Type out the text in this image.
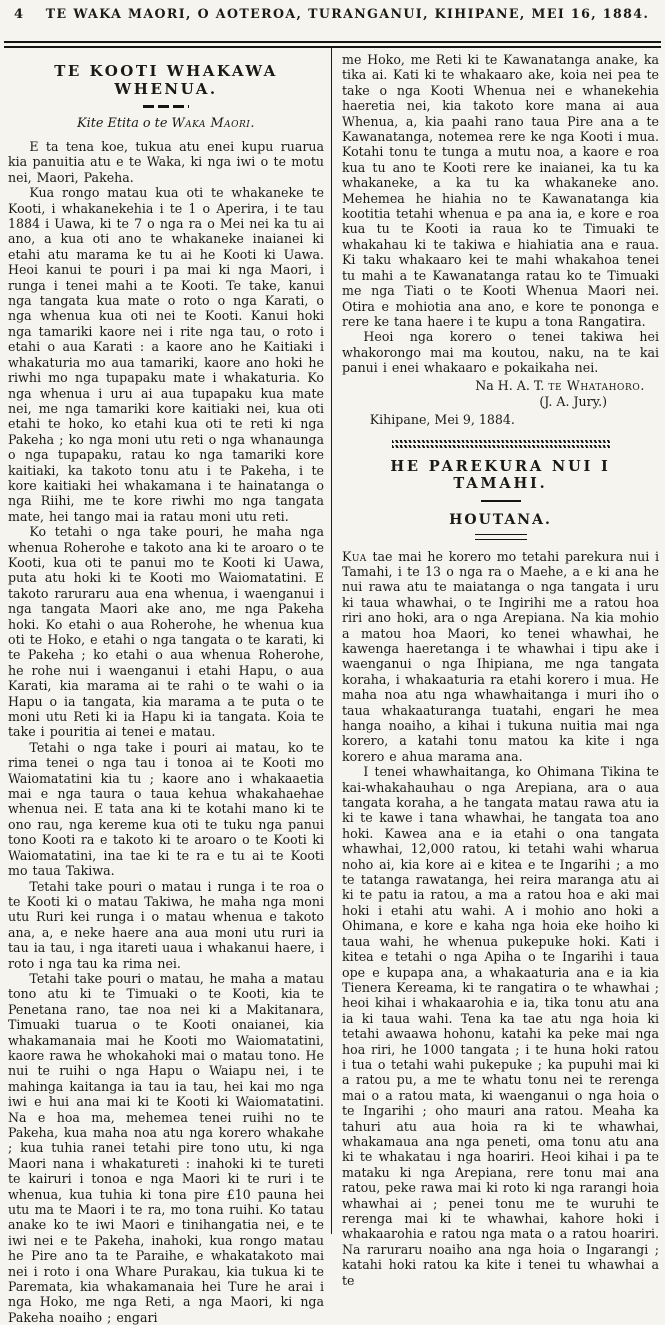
4	TE WAKA MAORI, O AOTEROA, TURANGANUI, KIHIPANE, MEI 16, 1884.
TE KOOTI WHAKAWA WHENUA.

Kite Etita o te Waka Maori.

E ta tena koe, tukua atu enei kupu ruarua kia panuitia atu e te Waka, ki nga iwi o te motu nei, Maori, Pakeha.

Kua rongo matau kua oti te whakaneke te Kooti, i whakanekehia i te 1 o Aperira, i te tau 1884 i Uawa, ki te 7 o nga ra o Mei nei ka tu ai ano, a kua oti ano te whakaneke inaianei ki etahi atu marama ke tu ai he Kooti ki Uawa. Heoi kanui te pouri i pa mai ki nga Maori, i runga i tenei mahi a te Kooti. Te take, kanui nga tangata kua mate o roto o nga Karati, o nga whenua kua oti nei te Kooti. Kanui hoki nga tamariki kaore nei i rite nga tau, o roto i etahi o aua Karati : a kaore ano he Kaitiaki i whakaturia mo aua tamariki, kaore ano hoki he riwhi mo nga tupapaku mate i whakaturia. Ko nga whenua i uru ai aua tupapaku kua mate nei, me nga tamariki kore kaitiaki nei, kua oti etahi te hoko, ko etahi kua oti te reti ki nga Pakeha ; ko nga moni utu reti o nga whanaunga o nga tupapaku, ratau ko nga tamariki kore kaitiaki, ka takoto tonu atu i te Pakeha, i te kore kaitiaki hei whakamana i te hainatanga o nga Riihi, me te kore riwhi mo nga tangata mate, hei tango mai ia ratau moni utu reti.

Ko tetahi o nga take pouri, he maha nga whenua Roherohe e takoto ana ki te aroaro o te Kooti, kua oti te panui mo te Kooti ki Uawa, puta atu hoki ki te Kooti mo Waiomatatini. E takoto raruraru aua ena whenua, i waenganui i nga tangata Maori ake ano, me nga Pakeha hoki. Ko etahi o aua Roherohe, he whenua kua oti te Hoko, e etahi o nga tangata o te karati, ki te Pakeha ; ko etahi o aua whenua Roherohe, he rohe nui i waenganui i etahi Hapu, o aua Karati, kia marama ai te rahi o te wahi o ia Hapu o ia tangata, kia marama a te puta o te moni utu Reti ki ia Hapu ki ia tangata. Koia te take i pouritia ai tenei e matau.

Tetahi o nga take i pouri ai matau, ko te rima tenei o nga tau i tonoa ai te Kooti mo Waiomatatini kia tu ; kaore ano i whakaaetia mai e nga taura o taua kehua whakahaehae whenua nei. E tata ana ki te kotahi mano ki te ono rau, nga kereme kua oti te tuku nga panui tono Kooti ra e takoto ki te aroaro o te Kooti ki Waiomatatini, ina tae ki te ra e tu ai te Kooti mo taua Takiwa.

Tetahi take pouri o matau i runga i te roa o te Kooti ki o matau Takiwa, he maha nga moni utu Ruri kei runga i o matau whenua e takoto ana, a, e neke haere ana aua moni utu ruri ia tau ia tau, i nga itareti uaua i whakanui haere, i roto i nga tau ka rima nei.

Tetahi take pouri o matau, he maha a matau tono atu ki te Timuaki o te Kooti, kia te Penetana rano, tae noa nei ki a Makitanara, Timuaki tuarua o te Kooti onaianei, kia whakamanaia mai he Kooti mo Waiomatatini, kaore rawa he whokahoki mai o matau tono. He nui te ruihi o nga Hapu o Waiapu nei, i te mahinga kaitanga ia tau ia tau, hei kai mo nga iwi e hui ana mai ki te Kooti ki Waiomatatini. Na e hoa ma, mehemea tenei ruihi no te Pakeha, kua maha noa atu nga korero whakahe ; kua tuhia ranei tetahi pire tono utu, ki nga Maori nana i whakatureti : inahoki ki te tureti te kairuri i tonoa e nga Maori ki te ruri i te whenua, kua tuhia ki tona pire £10 pauna hei utu ma te Maori i te ra, mo tona ruihi. Ko tatau anake ko te iwi Maori e tinihangatia nei, e te iwi nei e te Pakeha, inahoki, kua rongo matau he Pire ano ta te Paraihe, e whakatakoto mai nei i roto i ona Whare Purakau, kia tukua ki te Paremata, kia whakamanaia hei Ture he arai i nga Hoko, me nga Reti, a nga Maori, ki nga Pakeha noaiho ; engari

me Hoko, me Reti ki te Kawanatanga anake, ka tika ai. Kati ki te whakaaro ake, koia nei pea te take o nga Kooti Whenua nei e whanekehia haeretia nei, kia takoto kore mana ai aua Whenua, a, kia paahi rano taua Pire ana a te Kawanatanga, notemea rere ke nga Kooti i mua. Kotahi tonu te tunga a mutu noa, a kaore e roa kua tu ano te Kooti rere ke inaianei, ka tu ka whakaneke, a ka tu ka whakaneke ano. Mehemea he hiahia no te Kawanatanga kia kootitia tetahi whenua e pa ana ia, e kore e roa kua tu te Kooti ia raua ko te Timuaki te whakahau ki te takiwa e hiahiatia ana e raua. Ki taku whakaaro kei te mahi whakahoa tenei tu mahi a te Kawanatanga ratau ko te Timuaki me nga Tiati o te Kooti Whenua Maori nei. Otira e mohiotia ana ano, e kore te pononga e rere ke tana haere i te kupu a tona Rangatira.

Heoi nga korero o tenei takiwa hei whakorongo mai ma koutou, naku, na te kai panui i enei whakaaro e pokaikaha nei.

Na H. A. T. te Whatahoro.

(J. A. Jury.)

Kihipane, Mei 9, 1884.

HE PAREKURA NUI I TAMAHI.
HOUTANA.

Kua tae mai he korero mo tetahi parekura nui i Tamahi, i te 13 o nga ra o Maehe, a e ki ana he nui rawa atu te maiatanga o nga tangata i uru ki taua whawhai, o te Ingirihi me a ratou hoa riri ano hoki, ara o nga Arepiana. Na kia mohio a matou hoa Maori, ko tenei whawhai, he kawenga haeretanga i te whawhai i tipu ake i waenganui o nga Ihipiana, me nga tangata koraha, i whakaaturia ra etahi korero i mua. He maha noa atu nga whawhaitanga i muri iho o taua whakaaturanga tuatahi, engari he mea hanga noaiho, a kihai i tukuna nuitia mai nga korero, a katahi tonu matou ka kite i nga korero e ahua marama ana.

I tenei whawhaitanga, ko Ohimana Tikina te kai-whakahauhau o nga Arepiana, ara o aua tangata koraha, a he tangata matau rawa atu ia ki te kawe i tana whawhai, he tangata toa ano hoki. Kawea ana e ia etahi o ona tangata whawhai, 12,000 ratou, ki tetahi wahi wharua noho ai, kia kore ai e kitea e te Ingarihi ; a mo te tatanga rawatanga, hei reira maranga atu ai ki te patu ia ratou, a ma a ratou hoa e aki mai hoki i etahi atu wahi. A i mohio ano hoki a Ohimana, e kore e kaha nga hoia eke hoiho ki taua wahi, he whenua pukepuke hoki. Kati i kitea e tetahi o nga Apiha o te Ingarihi i taua ope e kupapa ana, a whakaaturia ana e ia kia Tienera Kereama, ki te rangatira o te whawhai ; heoi kihai i whakaarohia e ia, tika tonu atu ana ia ki taua wahi. Tena ka tae atu nga hoia ki tetahi awaawa hohonu, katahi ka peke mai nga hoa riri, he 1000 tangata ; i te huna hoki ratou i tua o tetahi wahi pukepuke ; ka pupuhi mai ki a ratou pu, a me te whatu tonu nei te rerenga mai o a ratou mata, ki waenganui o nga hoia o te Ingarihi ; oho mauri ana ratou. Meaha ka tahuri atu aua hoia ra ki te whawhai, whakamaua ana nga peneti, oma tonu atu ana ki te whakatau i nga hoariri. Heoi kihai i pa te mataku ki nga Arepiana, rere tonu mai ana ratou, peke rawa mai ki roto ki nga rarangi hoia whawhai ai ; penei tonu me te wuruhi te rerenga mai ki te whawhai, kahore hoki i whakaarohia e ratou nga mata o a ratou hoariri. Na raruraru noaiho ana nga hoia o Ingarangi ; katahi hoki ratou ka kite i tenei tu whawhai a te
